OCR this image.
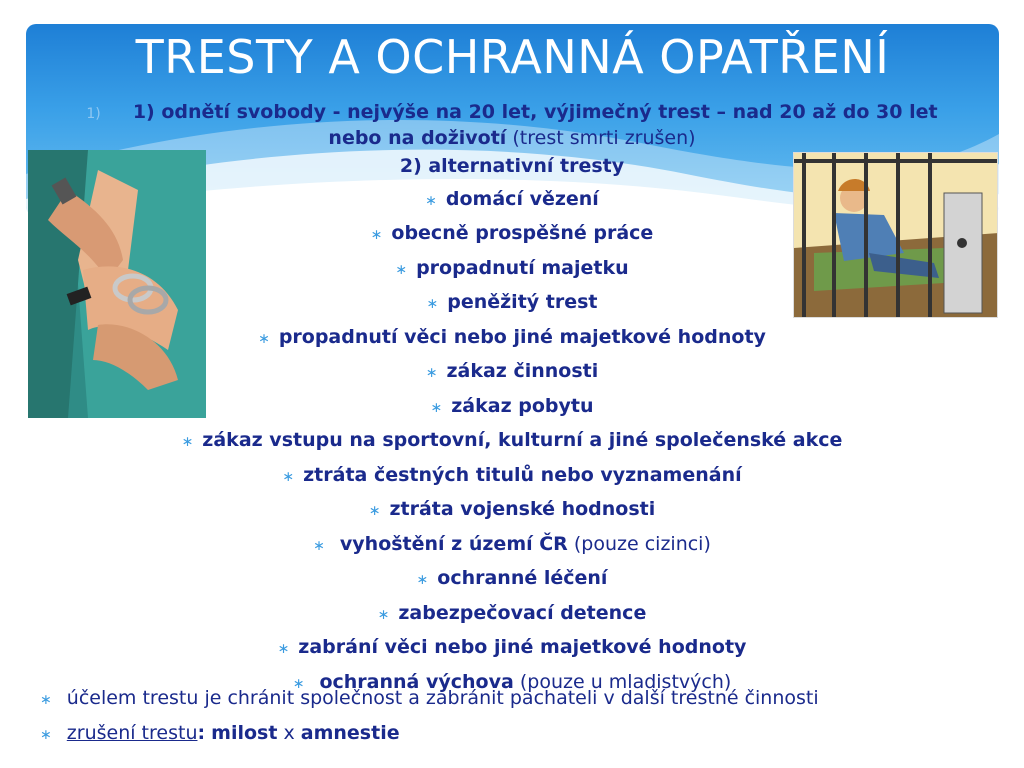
TRESTY A OCHRANNÁ OPATŘENÍ
1) 1) odnětí svobody - nejvýše na 20 let, výjimečný trest – nad 20 až do 30 let
nebo na doživotí (trest smrti zrušen)
2) alternativní tresty
∗ domácí vězení
∗ obecně prospěšné práce
∗ propadnutí majetku
∗ peněžitý trest
∗ propadnutí věci nebo jiné majetkové hodnoty
∗ zákaz činnosti
∗ zákaz pobytu
∗ zákaz vstupu na sportovní, kulturní a jiné společenské akce
∗ ztráta čestných titulů nebo vyznamenání
∗ ztráta vojenské hodnosti
∗ vyhoštění z území ČR (pouze cizinci)
∗ ochranné léčení
∗ zabezpečovací detence
∗ zabrání věci nebo jiné majetkové hodnoty
∗ ochranná výchova (pouze u mladistvých)
∗ účelem trestu je chránit společnost a zabránit pachateli v další trestné činnosti
∗ zrušení trestu: milost x amnestie
